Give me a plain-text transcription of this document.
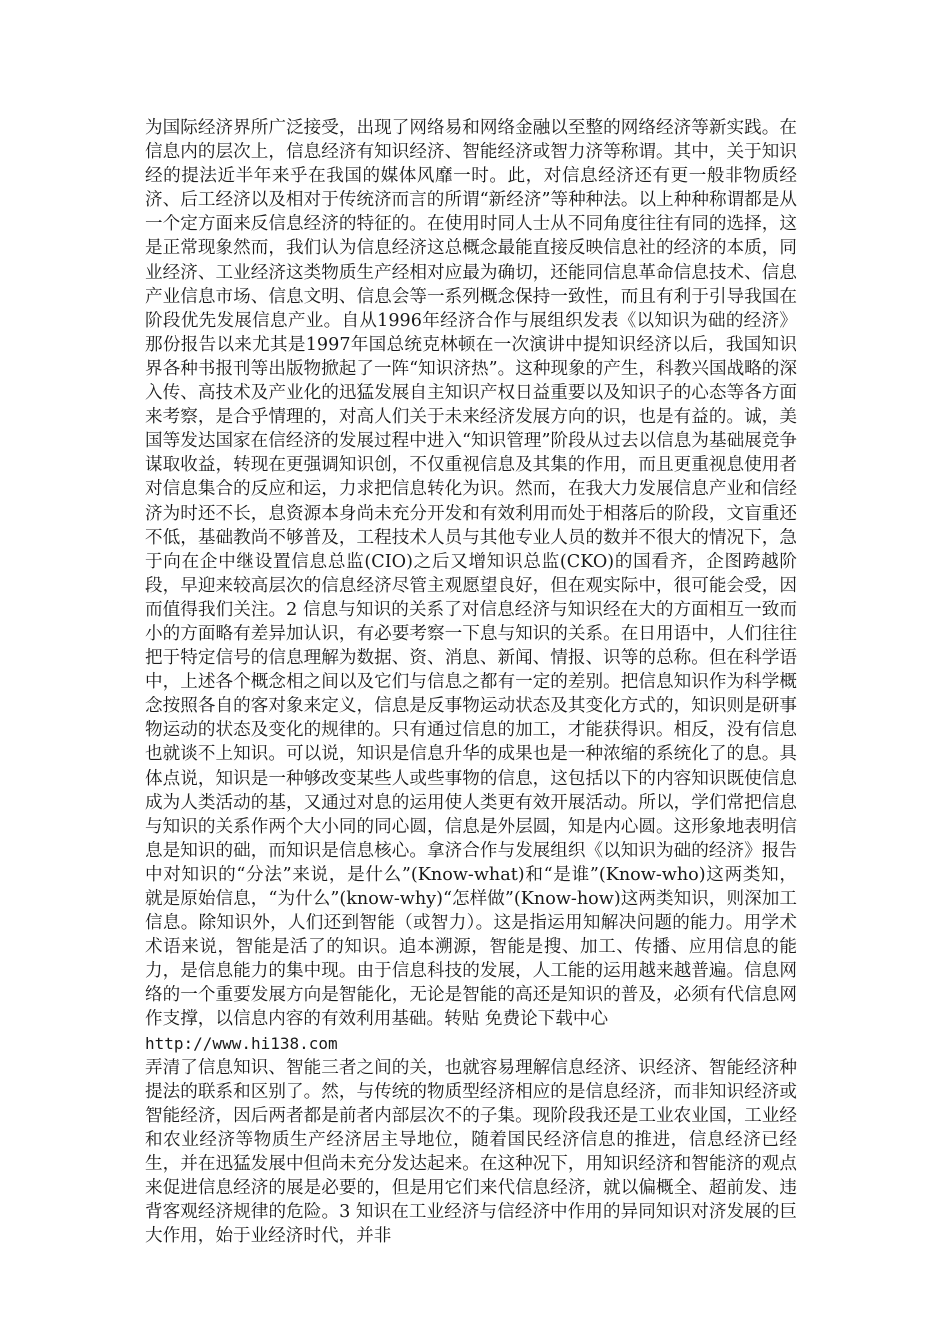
为国际经济界所广泛接受，出现了网络易和网络金融以至整的网络经济等新实践。在信息内的层次上，信息经济有知识经济、智能经济或智力济等称谓。其中，关于知识经的提法近半年来乎在我国的媒体风靡一时。此，对信息经济还有更一般非物质经济、后工经济以及相对于传统济而言的所谓“新经济”等种种法。以上种种称谓都是从一个定方面来反信息经济的特征的。在使用时同人士从不同角度往往有同的选择，这是正常现象然而，我们认为信息经济这总概念最能直接反映信息社的经济的本质，同业经济、工业经济这类物质生产经相对应最为确切，还能同信息革命信息技术、信息产业信息市场、信息文明、信息会等一系列概念保持一致性，而且有利于引导我国在阶段优先发展信息产业。自从1996年经济合作与展组织发表《以知识为础的经济》那份报告以来尤其是1997年国总统克林顿在一次演讲中提知识经济以后，我国知识界各种书报刊等出版物掀起了一阵“知识济热”。这种现象的产生，科教兴国战略的深入传、高技术及产业化的迅猛发展自主知识产权日益重要以及知识子的心态等各方面来考察，是合乎情理的，对高人们关于未来经济发展方向的识，也是有益的。诚，美国等发达国家在信经济的发展过程中进入“知识管理”阶段从过去以信息为基础展竞争谋取收益，转现在更强调知识创，不仅重视信息及其集的作用，而且更重视息使用者对信息集合的反应和运，力求把信息转化为识。然而，在我大力发展信息产业和信经济为时还不长，息资源本身尚未充分开发和有效利用而处于相落后的阶段，文盲重还不低，基础教尚不够普及，工程技术人员与其他专业人员的数并不很大的情况下，急于向在企中继设置信息总监(CIO)之后又增知识总监(CKO)的国看齐，企图跨越阶段，早迎来较高层次的信息经济尽管主观愿望良好，但在观实际中，很可能会受，因而值得我们关注。2 信息与知识的关系了对信息经济与知识经在大的方面相互一致而小的方面略有差异加认识，有必要考察一下息与知识的关系。在日用语中，人们往往把于特定信号的信息理解为数据、资、消息、新闻、情报、识等的总称。但在科学语中，上述各个概念相之间以及它们与信息之都有一定的差别。把信息知识作为科学概念按照各自的客对象来定义，信息是反事物运动状态及其变化方式的，知识则是研事物运动的状态及变化的规律的。只有通过信息的加工，才能获得识。相反，没有信息也就谈不上知识。可以说，知识是信息升华的成果也是一种浓缩的系统化了的息。具体点说，知识是一种够改变某些人或些事物的信息，这包括以下的内容知识既使信息成为人类活动的基，又通过对息的运用使人类更有效开展活动。所以，学们常把信息与知识的关系作两个大小同的同心圆，信息是外层圆，知是内心圆。这形象地表明信息是知识的础，而知识是信息核心。拿济合作与发展组织《以知识为础的经济》报告中对知识的“分法”来说，是什么”(Know-what)和“是谁”(Know-who)这两类知，就是原始信息，“为什么”(know-why)“怎样做”(Know-how)这两类知识，则深加工信息。除知识外，人们还到智能（或智力）。这是指运用知解决问题的能力。用学术术语来说，智能是活了的知识。追本溯源，智能是搜、加工、传播、应用信息的能力，是信息能力的集中现。由于信息科技的发展，人工能的运用越来越普遍。信息网络的一个重要发展方向是智能化，无论是智能的高还是知识的普及，必须有代信息网作支撑，以信息内容的有效利用基础。转贴 免费论下载中心

http://www.hi138.com

弄清了信息知识、智能三者之间的关，也就容易理解信息经济、识经济、智能经济种提法的联系和区别了。然，与传统的物质型经济相应的是信息经济，而非知识经济或智能经济，因后两者都是前者内部层次不的子集。现阶段我还是工业农业国，工业经和农业经济等物质生产经济居主导地位，随着国民经济信息的推进，信息经济已经生，并在迅猛发展中但尚未充分发达起来。在这种况下，用知识经济和智能济的观点来促进信息经济的展是必要的，但是用它们来代信息经济，就以偏概全、超前发、违背客观经济规律的危险。3 知识在工业经济与信经济中作用的异同知识对济发展的巨大作用，始于业经济时代，并非
